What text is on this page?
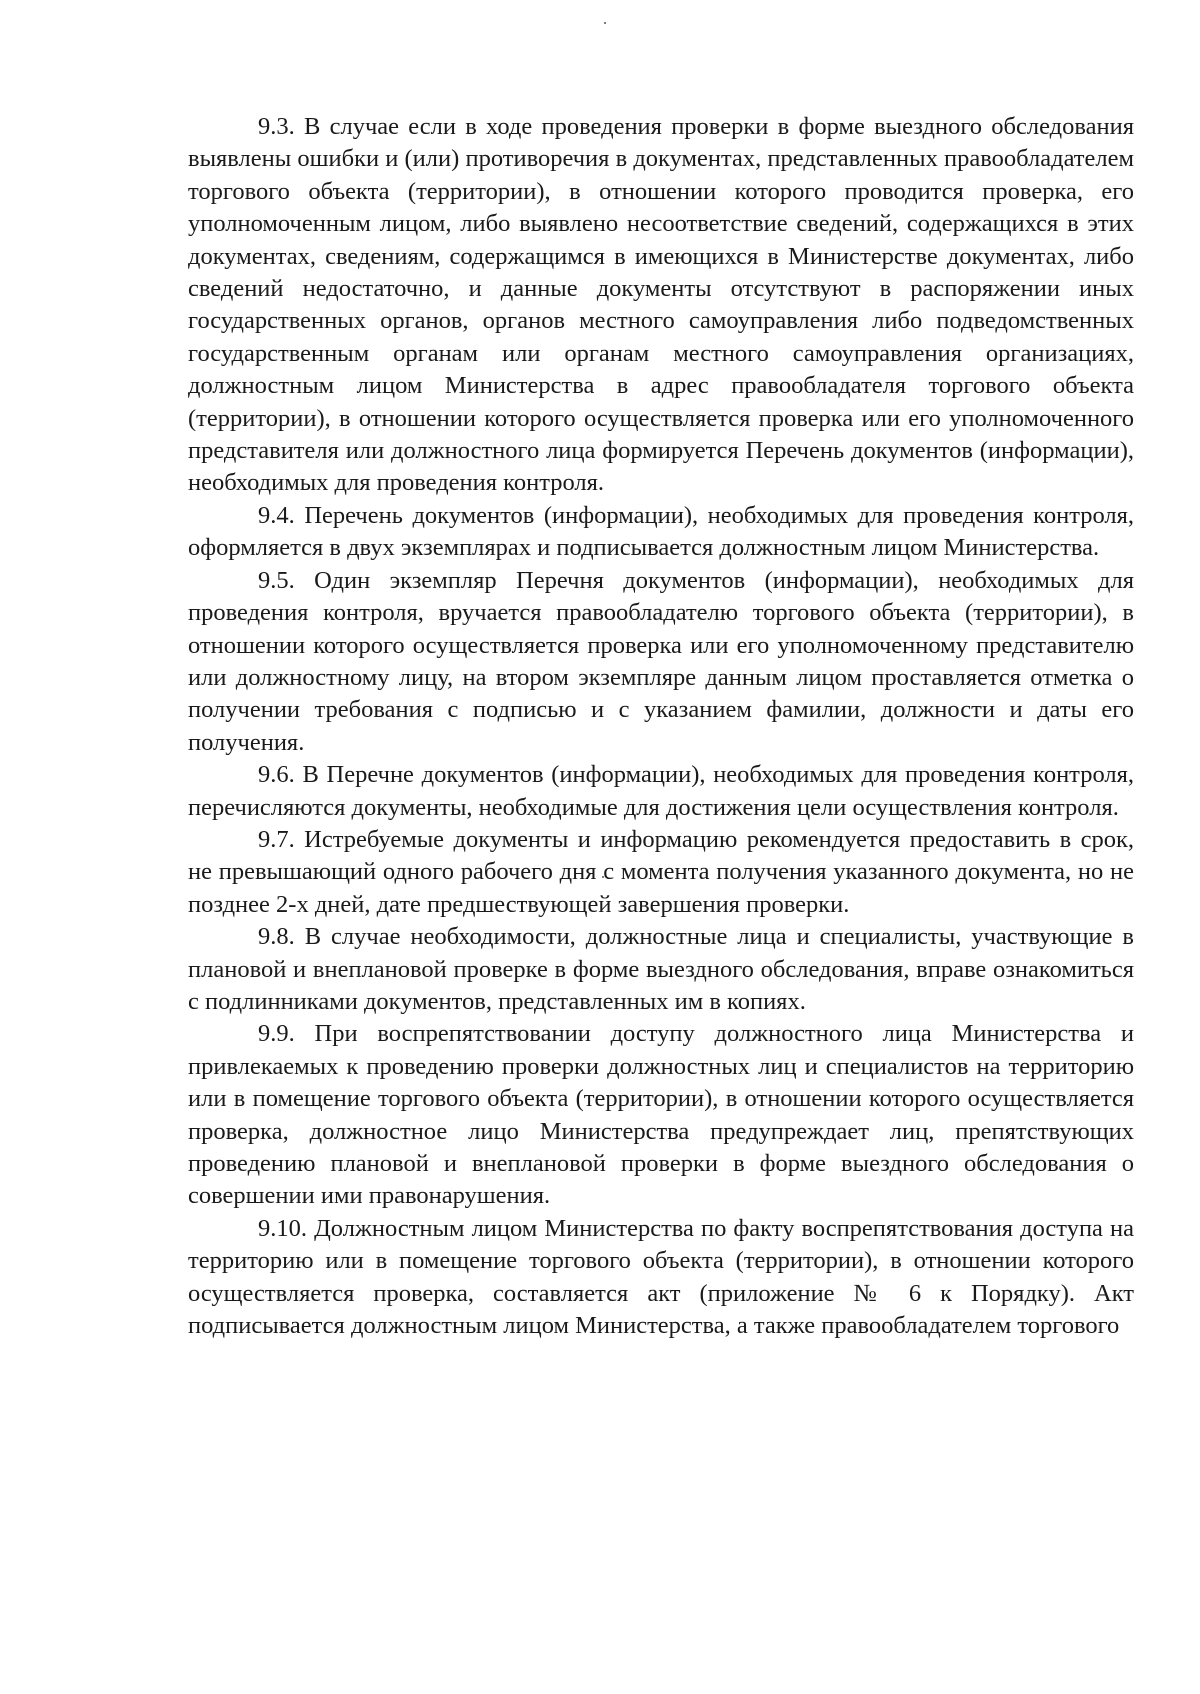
9.3. В случае если в ходе проведения проверки в форме выездного обследования выявлены ошибки и (или) противоречия в документах, представленных правообладателем торгового объекта (территории), в отношении которого проводится проверка, его уполномоченным лицом, либо выявлено несоответствие сведений, содержащихся в этих документах, сведениям, содержащимся в имеющихся в Министерстве документах, либо сведений недостаточно, и данные документы отсутствуют в распоряжении иных государственных органов, органов местного самоуправления либо подведомственных государственным органам или органам местного самоуправления организациях, должностным лицом Министерства в адрес правообладателя торгового объекта (территории), в отношении которого осуществляется проверка или его уполномоченного представителя или должностного лица формируется Перечень документов (информации), необходимых для проведения контроля.

9.4. Перечень документов (информации), необходимых для проведения контроля, оформляется в двух экземплярах и подписывается должностным лицом Министерства.

9.5. Один экземпляр Перечня документов (информации), необходимых для проведения контроля, вручается правообладателю торгового объекта (территории), в отношении которого осуществляется проверка или его уполномоченному представителю или должностному лицу, на втором экземпляре данным лицом проставляется отметка о получении требования с подписью и с указанием фамилии, должности и даты его получения.

9.6. В Перечне документов (информации), необходимых для проведения контроля, перечисляются документы, необходимые для достижения цели осуществления контроля.

9.7. Истребуемые документы и информацию рекомендуется предоставить в срок, не превышающий одного рабочего дня с момента получения указанного документа, но не позднее 2-х дней, дате предшествующей завершения проверки.

9.8. В случае необходимости, должностные лица и специалисты, участвующие в плановой и внеплановой проверке в форме выездного обследования, вправе ознакомиться с подлинниками документов, представленных им в копиях.

9.9. При воспрепятствовании доступу должностного лица Министерства и привлекаемых к проведению проверки должностных лиц и специалистов на территорию или в помещение торгового объекта (территории), в отношении которого осуществляется проверка, должностное лицо Министерства предупреждает лиц, препятствующих проведению плановой и внеплановой проверки в форме выездного обследования о совершении ими правонарушения.

9.10. Должностным лицом Министерства по факту воспрепятствования доступа на территорию или в помещение торгового объекта (территории), в отношении которого осуществляется проверка, составляется акт (приложение № 6 к Порядку). Акт подписывается должностным лицом Министерства, а также правообладателем торгового
